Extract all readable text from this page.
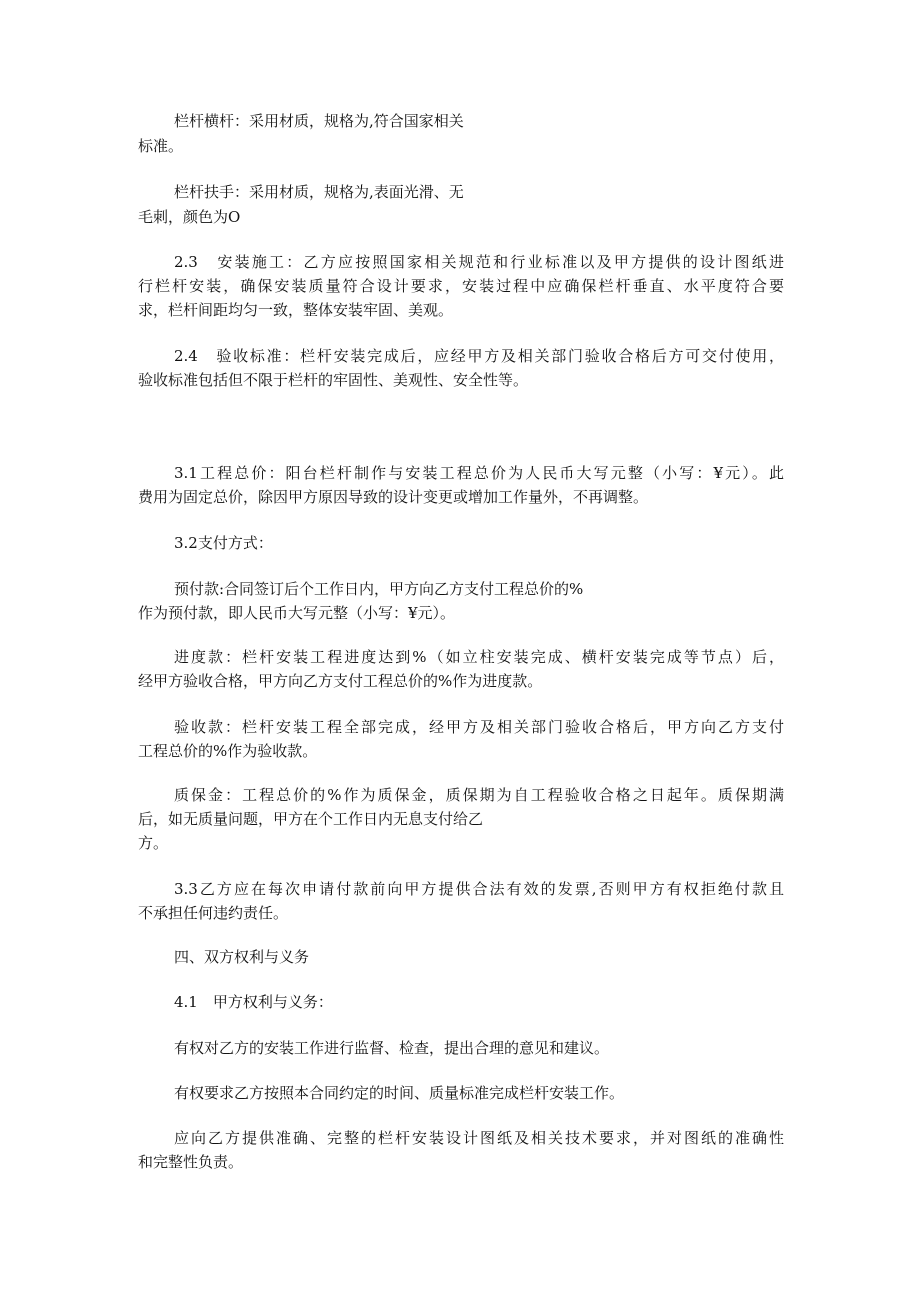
栏杆横杆：采用材质，规格为,符合国家相关

标准。

栏杆扶手：采用材质，规格为,表面光滑、无

毛刺，颜色为O

2.3　安装施工：乙方应按照国家相关规范和行业标准以及甲方提供的设计图纸进

行栏杆安装，确保安装质量符合设计要求，安装过程中应确保栏杆垂直、水平度符合要

求，栏杆间距均匀一致，整体安装牢固、美观。

2.4　验收标准：栏杆安装完成后，应经甲方及相关部门验收合格后方可交付使用，

验收标准包括但不限于栏杆的牢固性、美观性、安全性等。

3.1工程总价：阳台栏杆制作与安装工程总价为人民币大写元整（小写：¥元）。此

费用为固定总价，除因甲方原因导致的设计变更或增加工作量外，不再调整。

3.2支付方式：

预付款:合同签订后个工作日内，甲方向乙方支付工程总价的%

作为预付款，即人民币大写元整（小写：¥元）。

进度款：栏杆安装工程进度达到%（如立柱安装完成、横杆安装完成等节点）后，

经甲方验收合格，甲方向乙方支付工程总价的%作为进度款。

验收款：栏杆安装工程全部完成，经甲方及相关部门验收合格后，甲方向乙方支付

工程总价的%作为验收款。

质保金：工程总价的%作为质保金，质保期为自工程验收合格之日起年。质保期满

后，如无质量问题，甲方在个工作日内无息支付给乙

方。

3.3乙方应在每次申请付款前向甲方提供合法有效的发票,否则甲方有权拒绝付款且

不承担任何违约责任。

四、双方权利与义务

4.1　甲方权利与义务：

有权对乙方的安装工作进行监督、检查，提出合理的意见和建议。

有权要求乙方按照本合同约定的时间、质量标准完成栏杆安装工作。

应向乙方提供准确、完整的栏杆安装设计图纸及相关技术要求，并对图纸的准确性

和完整性负责。
